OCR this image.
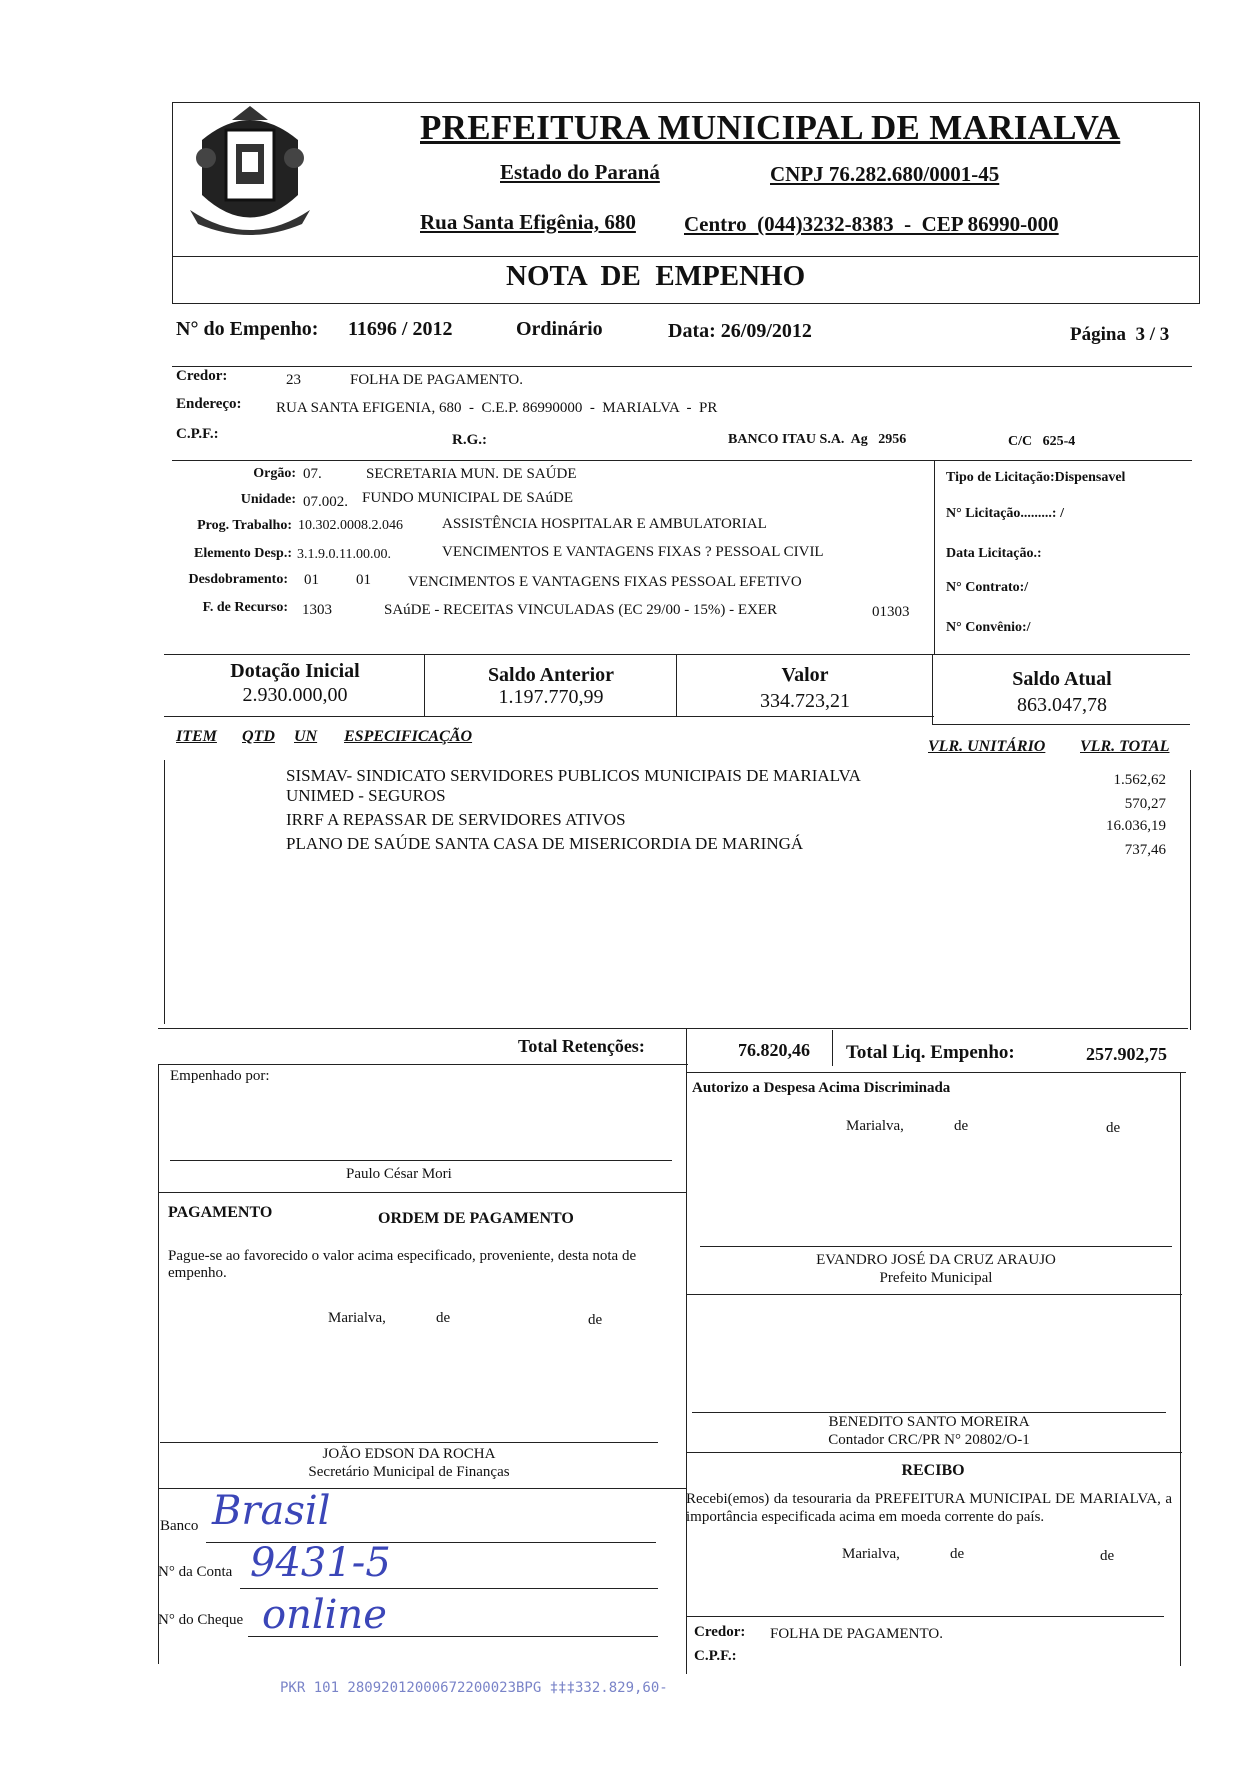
PREFEITURA MUNICIPAL DE MARIALVA
Estado do Paraná	CNPJ 76.282.680/0001-45
Rua Santa Efigênia, 680 Centro  (044)3232-8383  -  CEP 86990-000
NOTA  DE  EMPENHO
N° do Empenho: 11696 / 2012	Ordinário	Data: 26/09/2012	Página  3 / 3
Credor:	23	FOLHA DE PAGAMENTO.
Endereço: RUA SANTA EFIGENIA, 680  -  C.E.P. 86990000  -  MARIALVA  -  PR
C.P.F.:	R.G.:	BANCO ITAU S.A.  Ag   2956	C/C   625-4
Orgão: 07.	SECRETARIA MUN. DE SAÚDE
Unidade: 07.002. FUNDO MUNICIPAL DE SAúDE
Prog. Trabalho: 10.302.0008.2.046	ASSISTÊNCIA HOSPITALAR E AMBULATORIAL
Elemento Desp.: 3.1.9.0.11.00.00.	VENCIMENTOS E VANTAGENS FIXAS ? PESSOAL CIVIL
Desdobramento: 01 01 VENCIMENTOS E VANTAGENS FIXAS PESSOAL EFETIVO
F. de Recurso: 1303	SAúDE - RECEITAS VINCULADAS (EC 29/00 - 15%) - EXER	01303
Tipo de Licitação:Dispensavel
N° Licitação.........: /
Data Licitação.:
N° Contrato:/
N° Convênio:/
Dotação Inicial
2.930.000,00
Saldo Anterior
1.197.770,99
Valor
334.723,21
Saldo Atual
863.047,78
ITEM QTD UN ESPECIFICAÇÃO
VLR. UNITÁRIO VLR. TOTAL
SISMAV- SINDICATO SERVIDORES PUBLICOS MUNICIPAIS DE MARIALVA	1.562,62
UNIMED - SEGUROS	570,27
IRRF A REPASSAR DE SERVIDORES ATIVOS	16.036,19
PLANO DE SAÚDE SANTA CASA DE MISERICORDIA DE MARINGÁ	737,46
Total Retenções:	76.820,46 Total Liq. Empenho:	257.902,75
Empenhado por:
Paulo César Mori
PAGAMENTO	ORDEM DE PAGAMENTO
Pague-se ao favorecido o valor acima especificado, proveniente, desta nota de empenho.
Marialva,	de	de
JOÃO EDSON DA ROCHA
Secretário Municipal de Finanças
Banco Brasil
N° da Conta 9431-5
N° do Cheque online
Autorizo a Despesa Acima Discriminada
Marialva,	de	de
EVANDRO JOSÉ DA CRUZ ARAUJO
Prefeito Municipal
BENEDITO SANTO MOREIRA
Contador CRC/PR N° 20802/O-1
RECIBO
Recebi(emos) da tesouraria da PREFEITURA MUNICIPAL DE MARIALVA, a importância especificada acima em moeda corrente do país.
Marialva,	de	de
Credor: FOLHA DE PAGAMENTO.
C.P.F.:
PKR 101 28092012000672200023BPG ‡‡‡332.829,60-
